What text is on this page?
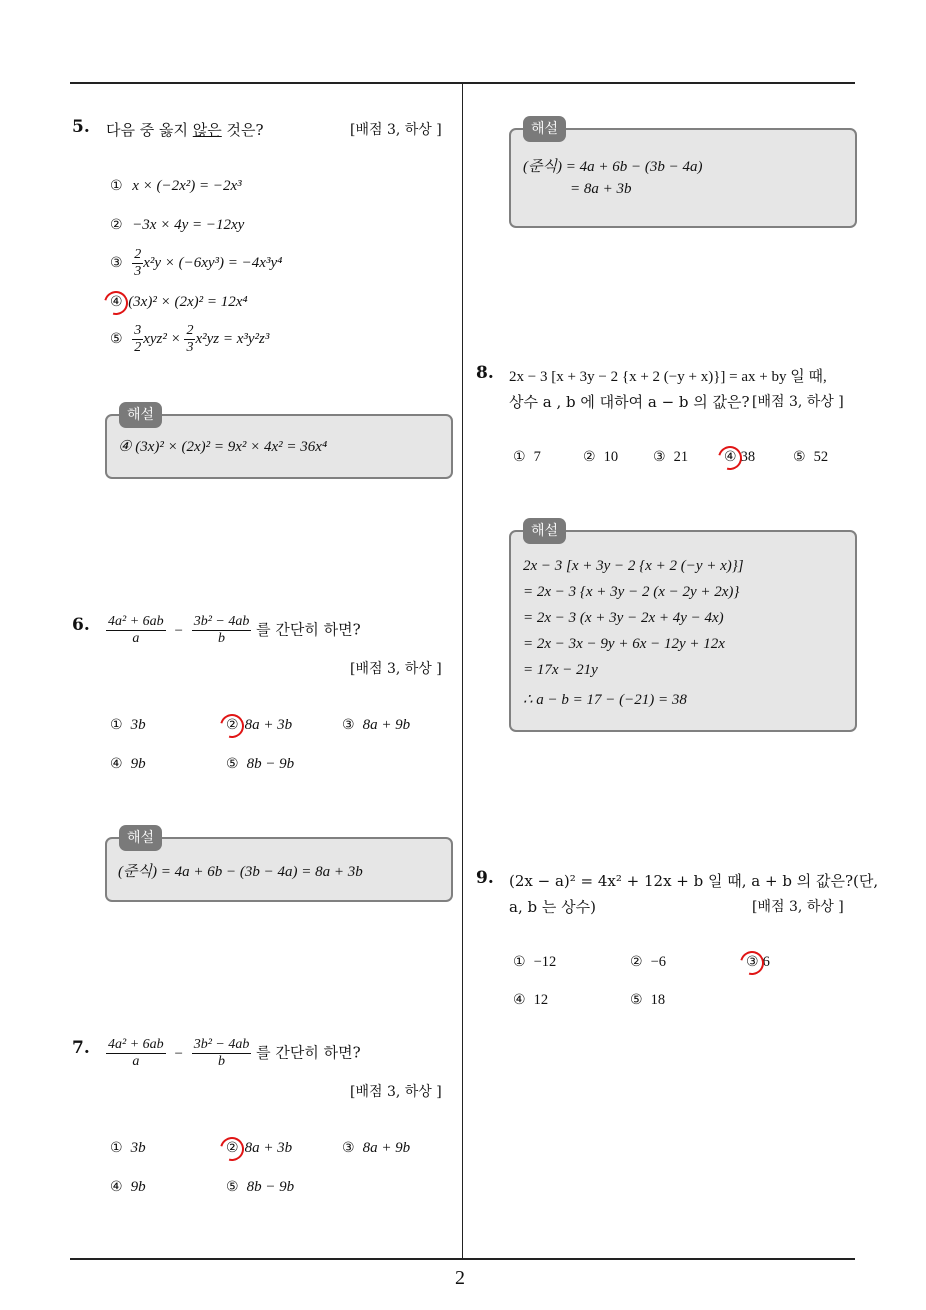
2
5. 다음 중 옳지 않은 것은?	[배점 3, 하상 ]
① x × (−2x²) = −2x³
② −3x × 4y = −12xy
③ $\frac{2}{3} x^2y \times (-6xy^3) = -4x^3y^4$
④ (3x)² × (2x)² = 12x⁴
⑤ $\frac{3}{2} xyz^2 \times \frac{2}{3} x^2yz = x^3y^2z^3$
해설
④ (3x)² × (2x)² = 9x² × 4x² = 36x⁴
6. $\frac{\text{4a² + 6ab}}{a} - \frac{\text{3b² − 4ab}}{b}$ 를 간단히 하면?
[배점 3, 하상 ]
① 3b	② 8a + 3b	③ 8a + 9b
④ 9b	⑤ 8b − 9b
해설
(준식) = 4a + 6b − (3b − 4a) = 8a + 3b
7. $\frac{\text{4a² + 6ab}}{a} - \frac{\text{3b² − 4ab}}{b}$ 를 간단히 하면?
[배점 3, 하상 ]
① 3b	② 8a + 3b	③ 8a + 9b
④ 9b	⑤ 8b − 9b
해설
(준식) = 4a + 6b − (3b − 4a)
= 8a + 3b
8. 2x − 3 [x + 3y − 2 {x + 2 (−y + x)}] = ax + by 일 때,
상수 a , b 에 대하여 a − b 의 값은? [배점 3, 하상 ]
① 7	② 10 ③ 21	④ 38	⑤ 52
해설
2x − 3 [x + 3y − 2 {x + 2 (−y + x)}]
= 2x − 3 {x + 3y − 2 (x − 2y + 2x)}
= 2x − 3 (x + 3y − 2x + 4y − 4x)
= 2x − 3x − 9y + 6x − 12y + 12x
= 17x − 21y
∴ a − b = 17 − (−21) = 38
9. (2x − a)² = 4x² + 12x + b 일 때, a + b 의 값은?(단,
a, b 는 상수)	[배점 3, 하상 ]
① −12	② −6	③ 6
④ 12	⑤ 18
